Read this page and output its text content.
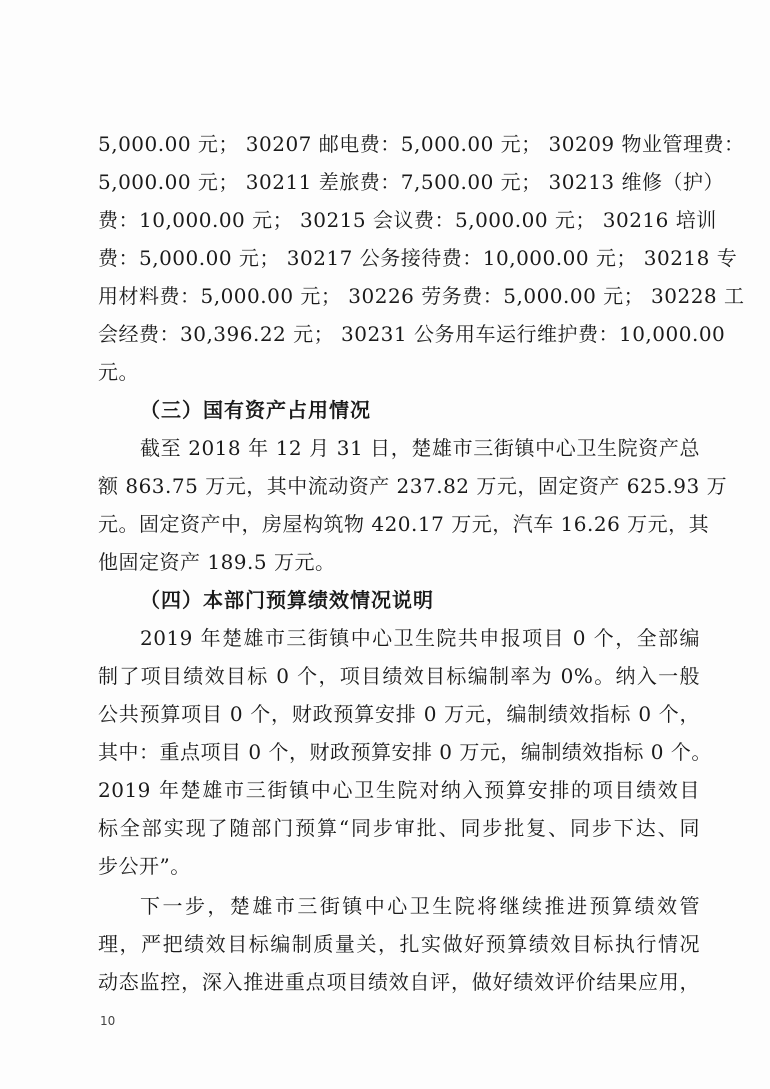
5,000.00 元； 30207 邮电费：5,000.00 元； 30209 物业管理费：
5,000.00 元； 30211 差旅费：7,500.00 元； 30213 维修（护）
费：10,000.00 元； 30215 会议费：5,000.00 元； 30216 培训
费：5,000.00 元； 30217 公务接待费：10,000.00 元； 30218 专
用材料费：5,000.00 元； 30226 劳务费：5,000.00 元； 30228 工
会经费：30,396.22 元； 30231 公务用车运行维护费：10,000.00
元。
（三）国有资产占用情况
截至 2018 年 12 月 31 日，楚雄市三街镇中心卫生院资产总
额 863.75 万元，其中流动资产 237.82 万元，固定资产 625.93 万
元。固定资产中，房屋构筑物 420.17 万元，汽车 16.26 万元，其
他固定资产 189.5 万元。
（四）本部门预算绩效情况说明
2019 年楚雄市三街镇中心卫生院共申报项目 0 个，全部编
制了项目绩效目标 0 个，项目绩效目标编制率为 0%。纳入一般
公共预算项目 0 个，财政预算安排 0 万元，编制绩效指标 0 个，
其中：重点项目 0 个，财政预算安排 0 万元，编制绩效指标 0 个。
2019 年楚雄市三街镇中心卫生院对纳入预算安排的项目绩效目
标全部实现了随部门预算“同步审批、同步批复、同步下达、同
步公开”。
下一步，楚雄市三街镇中心卫生院将继续推进预算绩效管
理，严把绩效目标编制质量关，扎实做好预算绩效目标执行情况
动态监控，深入推进重点项目绩效自评，做好绩效评价结果应用，
10
